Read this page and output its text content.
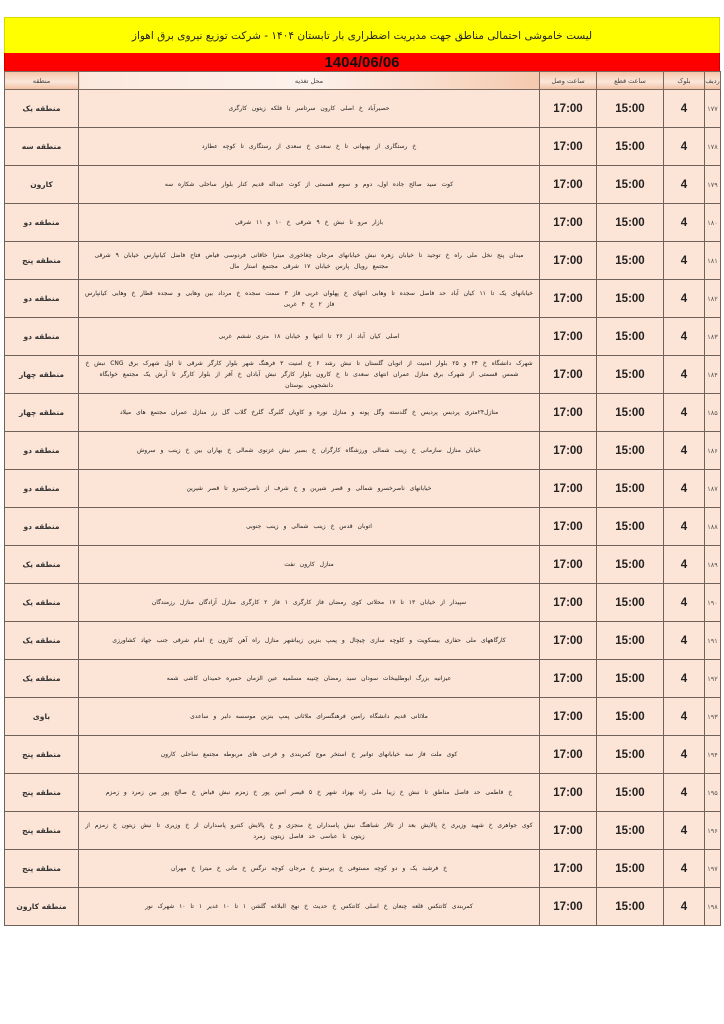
لیست خاموشی احتمالی مناطق جهت مدیریت اضطراری بار تابستان ۱۴۰۴ - شرکت توزیع نیروی برق اهواز
1404/06/06
ردیف	بلوک	ساعت قطع	ساعت وصل	محل تغذیه	منطقه
۱۷۷	4	15:00	17:00	حصیرآباد خ اصلی کارون سرتاسر تا فلکه زیتون کارگری	منطقه یک
۱۷۸	4	15:00	17:00	خ رستگاری از بهبهانی تا خ سعدی خ سعدی از رستگاری تا کوچه عطارد	منطقه سه
۱۷۹	4	15:00	17:00	کوت سید صالح جاده اول، دوم و سوم قسمتی از کوت عبداله قدیم کنار بلوار ساحلی شکاره سه	کارون
۱۸۰	4	15:00	17:00	بازار مرو تا نبش خ ۹ شرقی خ ۱۰ و ۱۱ شرقی	منطقه دو
۱۸۱	4	15:00	17:00	میدان پنج نخل ملی راه خ توحید تا خیابان زهره نبش خیابانهای مرجان چغاخوری میترا خاقانی فردوسی فیاض فتاح فاضل کیانپارس خیابان ۹ شرقی مجتمع رویال پارس خیابان ۱۷ شرقی مجتمع استار مال	منطقه پنج
۱۸۲	4	15:00	17:00	خیابانهای یک تا ۱۱ کیان آباد حد فاصل سجده تا وهابی انتهای خ پهلوان غربی فاز ۳ سمت سجده خ مرداد بین وهابی و سجده قطار خ وهابی کیانپارس فاز ۲ خ ۴ غربی	منطقه دو
۱۸۳	4	15:00	17:00	اصلی کیان آباد از ۲۶ تا انتها و خیابان ۱۸ متری ششم غربی	منطقه دو
۱۸۴	4	15:00	17:00	شهرک دانشگاه خ ۲۴ و ۲۵ بلوار امنیت از اتوبان گلستان تا نبش رشد ۶ خ امنیت ۳ فرهنگ شهر بلوار کارگر شرقی تا اول شهرک برق CNG نبش خ شمس قسمتی از شهرک برق منازل عمران انتهای سعدی تا خ کارون بلوار کارگر نبش آبادان خ آفر از بلوار کارگر تا آرش یک مجتمع خوابگاه دانشجویی بوستان	منطقه چهار
۱۸۵	4	15:00	17:00	منازل۲۴متری پردیس پردیس خ گلدسته وگل پونه و منازل نوره و کاویان گلبرگ گلرخ گلاب گل رز منازل عمران مجتمع های میلاد	منطقه چهار
۱۸۶	4	15:00	17:00	خیابان منازل سازمانی خ زینب شمالی ورزشگاه کارگران خ بصیر نبش غزنوی شمالی خ بهاران بین خ زینب و سروش	منطقه دو
۱۸۷	4	15:00	17:00	خیابانهای ناصرخسرو شمالی و قصر شیرین و خ شرف از ناصرخسرو تا قصر شیرین	منطقه دو
۱۸۸	4	15:00	17:00	اتوبان قدس خ زینب شمالی و زینب جنوبی	منطقه دو
۱۸۹	4	15:00	17:00	منازل کارون نفت	منطقه یک
۱۹۰	4	15:00	17:00	سپیدار از خیابان ۱۳ تا ۱۷ محلاتی کوی رمضان فاز کارگری ۱ فاز ۲ کارگری منازل آزادگان منازل رزمندگان	منطقه یک
۱۹۱	4	15:00	17:00	کارگاههای ملی حفاری بیسکویت و کلوچه سازی چیچال و پمپ بنزین زیباشهر منازل راه آهن کارون خ امام شرقی جنب جهاد کشاورزی	منطقه یک
۱۹۲	4	15:00	17:00	عیزانیه بزرگ ابوطلیبخات سودان سید رمضان چنیبه مسلمیه عین الزمان حمیره حمیدان کاشی شمه	منطقه یک
۱۹۳	4	15:00	17:00	ملاثانی قدیم دانشگاه رامین فرهنگسرای ملاثانی پمپ بنزین موسسه دلبر و ساعدی	باوی
۱۹۴	4	15:00	17:00	کوی ملت فاز سه خیابانهای توانیر خ استخر موج کمربندی و فرعی های مربوطه مجتمع ساحلی کارون	منطقه پنج
۱۹۵	4	15:00	17:00	خ فاطمی حد فاصل مناطق تا نبش خ زیبا ملی راه بهزاد شهر خ ۵ قیصر امین پور خ زمزم نبش فیاض خ صالح پور بین زمرد و زمزم	منطقه پنج
۱۹۶	4	15:00	17:00	کوی جواهری خ شهید وزیری خ پالایش بعد از تالار شباهنگ نبش پاسداران خ منجزی و خ پالایش کنترو پاسداران از خ وزیری تا نبش زیتون خ زمزم از زیتون تا عباسی حد فاصل زیتون زمرد	منطقه پنج
۱۹۷	4	15:00	17:00	خ فرشید یک و دو کوچه مستوفی خ پرستو خ مرجان کوچه نرگس خ مانی خ میترا خ مهران	منطقه پنج
۱۹۸	4	15:00	17:00	کمربندی کانتکس قلعه چنعان خ اصلی کانتکس خ حدیث خ نهج البلاغه گلشن ۱ تا ۱۰ غدیر ۱ تا ۱۰ شهرک نور	منطقه کارون
